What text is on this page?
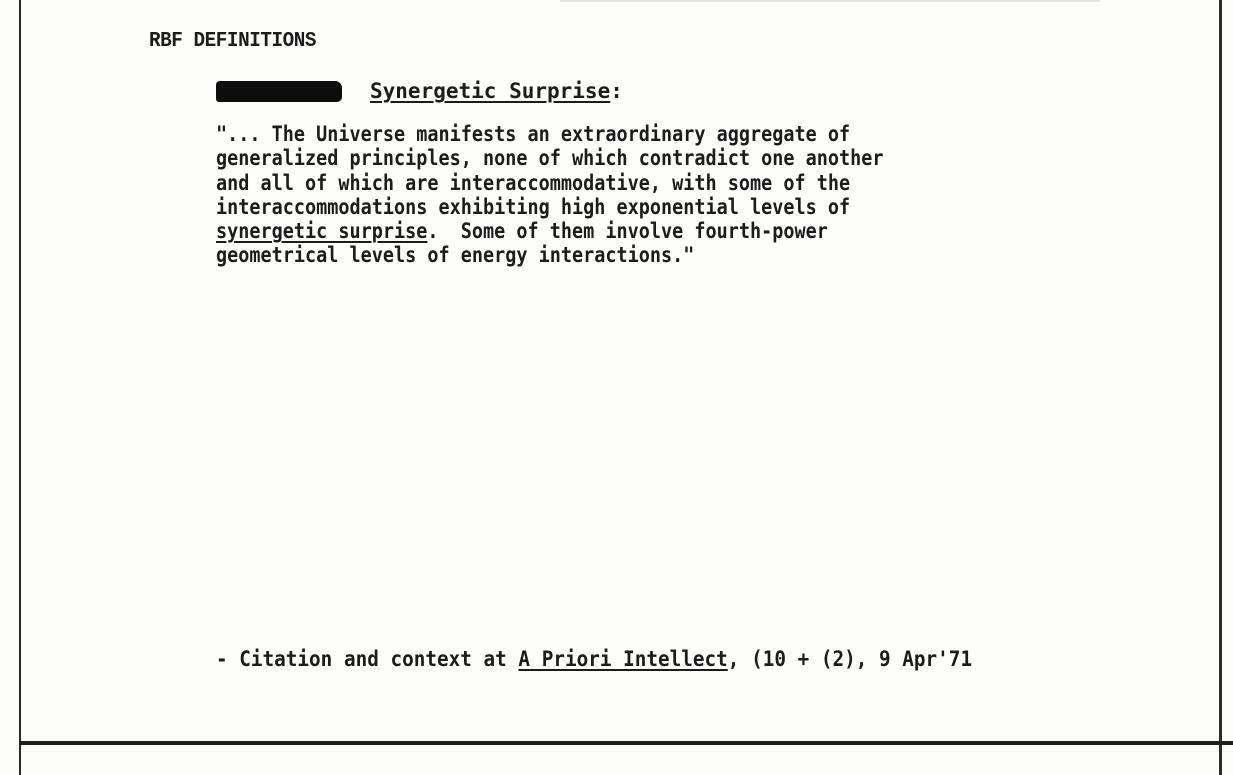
RBF DEFINITIONS
Synergetic Surprise:
"... The Universe manifests an extraordinary aggregate of
generalized principles, none of which contradict one another
and all of which are interaccommodative, with some of the
interaccommodations exhibiting high exponential levels of
synergetic surprise.  Some of them involve fourth-power
geometrical levels of energy interactions."
- Citation and context at A Priori Intellect, (10 + (2), 9 Apr'71
